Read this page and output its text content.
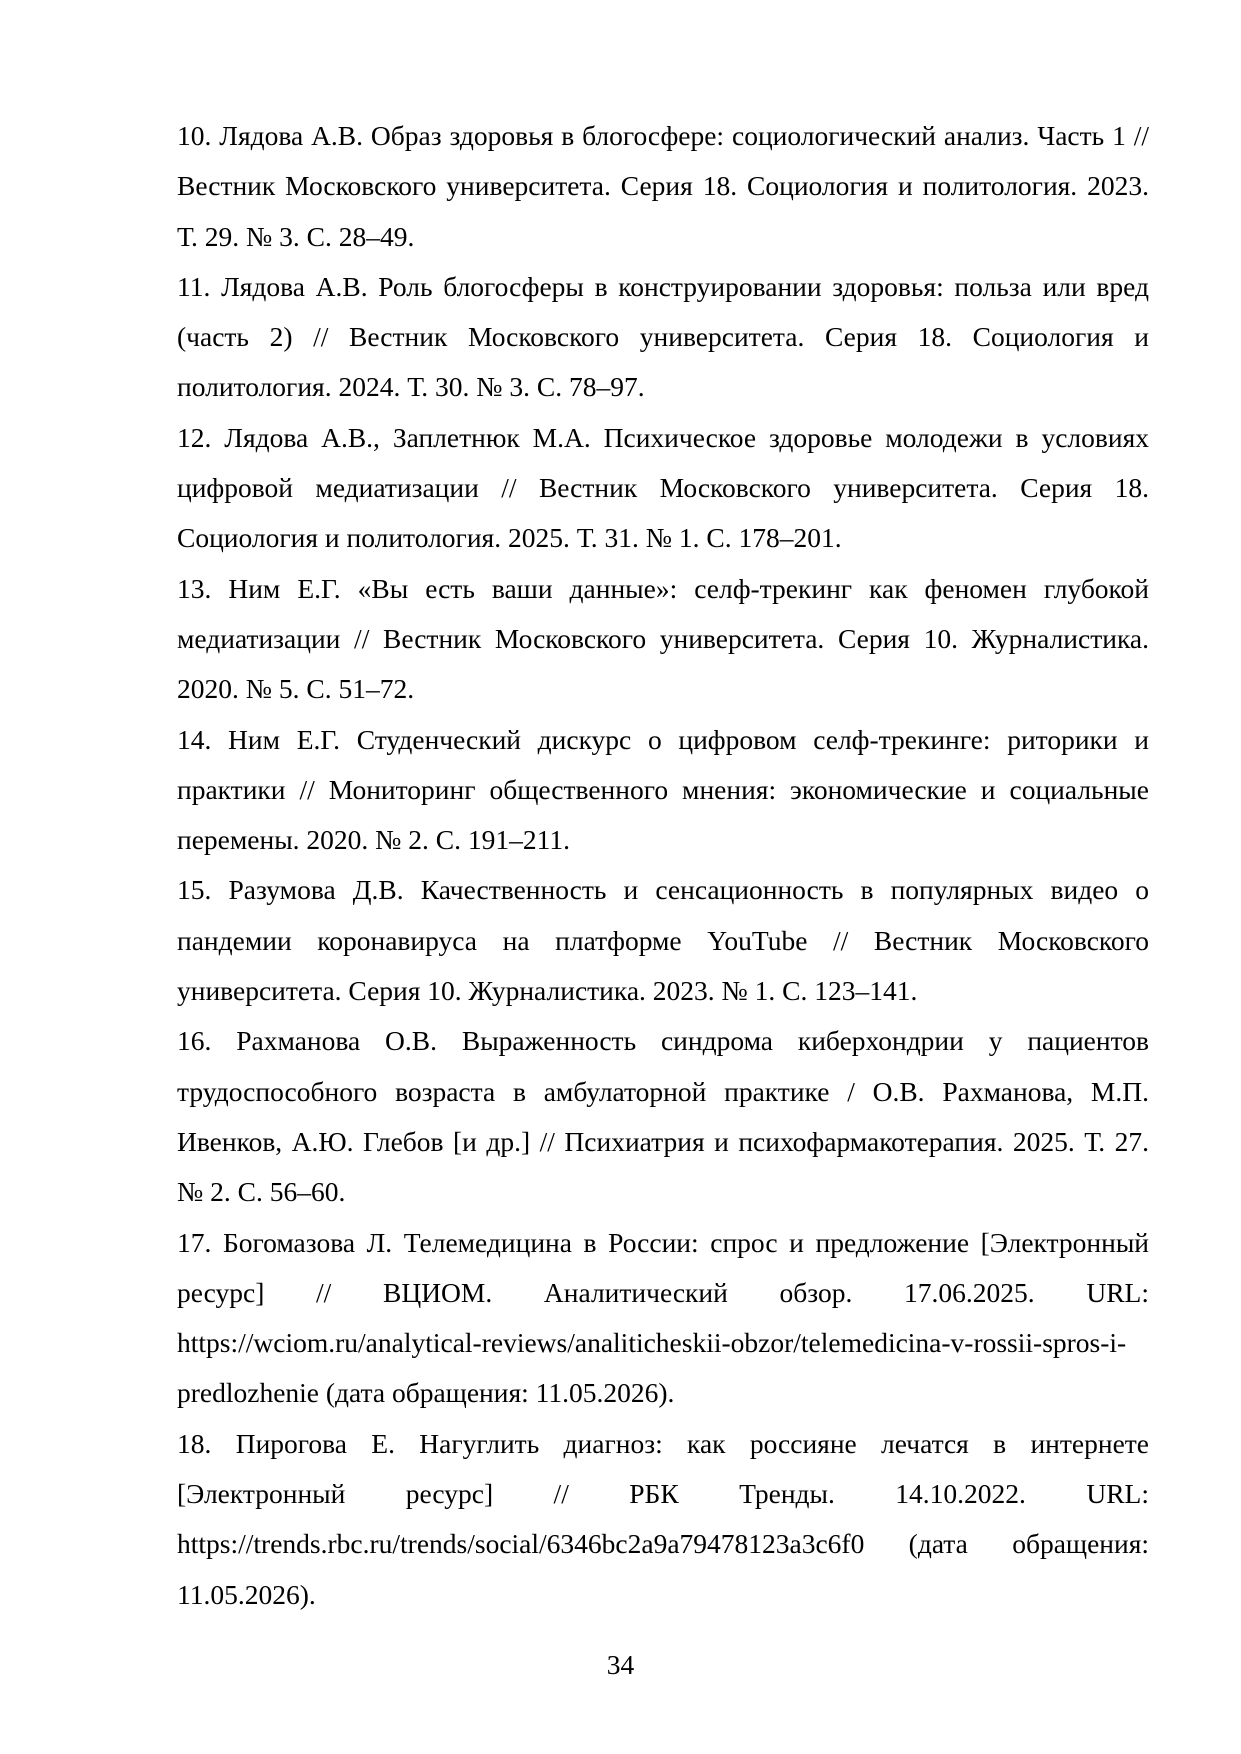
10. Лядова А.В. Образ здоровья в блогосфере: социологический анализ. Часть 1 // Вестник Московского университета. Серия 18. Социология и политология. 2023. Т. 29. № 3. С. 28–49.
11. Лядова А.В. Роль блогосферы в конструировании здоровья: польза или вред (часть 2) // Вестник Московского университета. Серия 18. Социология и политология. 2024. Т. 30. № 3. С. 78–97.
12. Лядова А.В., Заплетнюк М.А. Психическое здоровье молодежи в условиях цифровой медиатизации // Вестник Московского университета. Серия 18. Социология и политология. 2025. Т. 31. № 1. С. 178–201.
13. Ним Е.Г. «Вы есть ваши данные»: селф-трекинг как феномен глубокой медиатизации // Вестник Московского университета. Серия 10. Журналистика. 2020. № 5. С. 51–72.
14. Ним Е.Г. Студенческий дискурс о цифровом селф-трекинге: риторики и практики // Мониторинг общественного мнения: экономические и социальные перемены. 2020. № 2. С. 191–211.
15. Разумова Д.В. Качественность и сенсационность в популярных видео о пандемии коронавируса на платформе YouTube // Вестник Московского университета. Серия 10. Журналистика. 2023. № 1. С. 123–141.
16. Рахманова О.В. Выраженность синдрома киберхондрии у пациентов трудоспособного возраста в амбулаторной практике / О.В. Рахманова, М.П. Ивенков, А.Ю. Глебов [и др.] // Психиатрия и психофармакотерапия. 2025. Т. 27. № 2. С. 56–60.
17. Богомазова Л. Телемедицина в России: спрос и предложение [Электронный ресурс] // ВЦИОМ. Аналитический обзор. 17.06.2025. URL: https://wciom.ru/analytical-reviews/analiticheskii-obzor/telemedicina-v-rossii-spros-i-predlozhenie (дата обращения: 11.05.2026).
18. Пирогова Е. Нагуглить диагноз: как россияне лечатся в интернете [Электронный ресурс] // РБК Тренды. 14.10.2022. URL: https://trends.rbc.ru/trends/social/6346bc2a9a79478123a3c6f0 (дата обращения: 11.05.2026).
34
